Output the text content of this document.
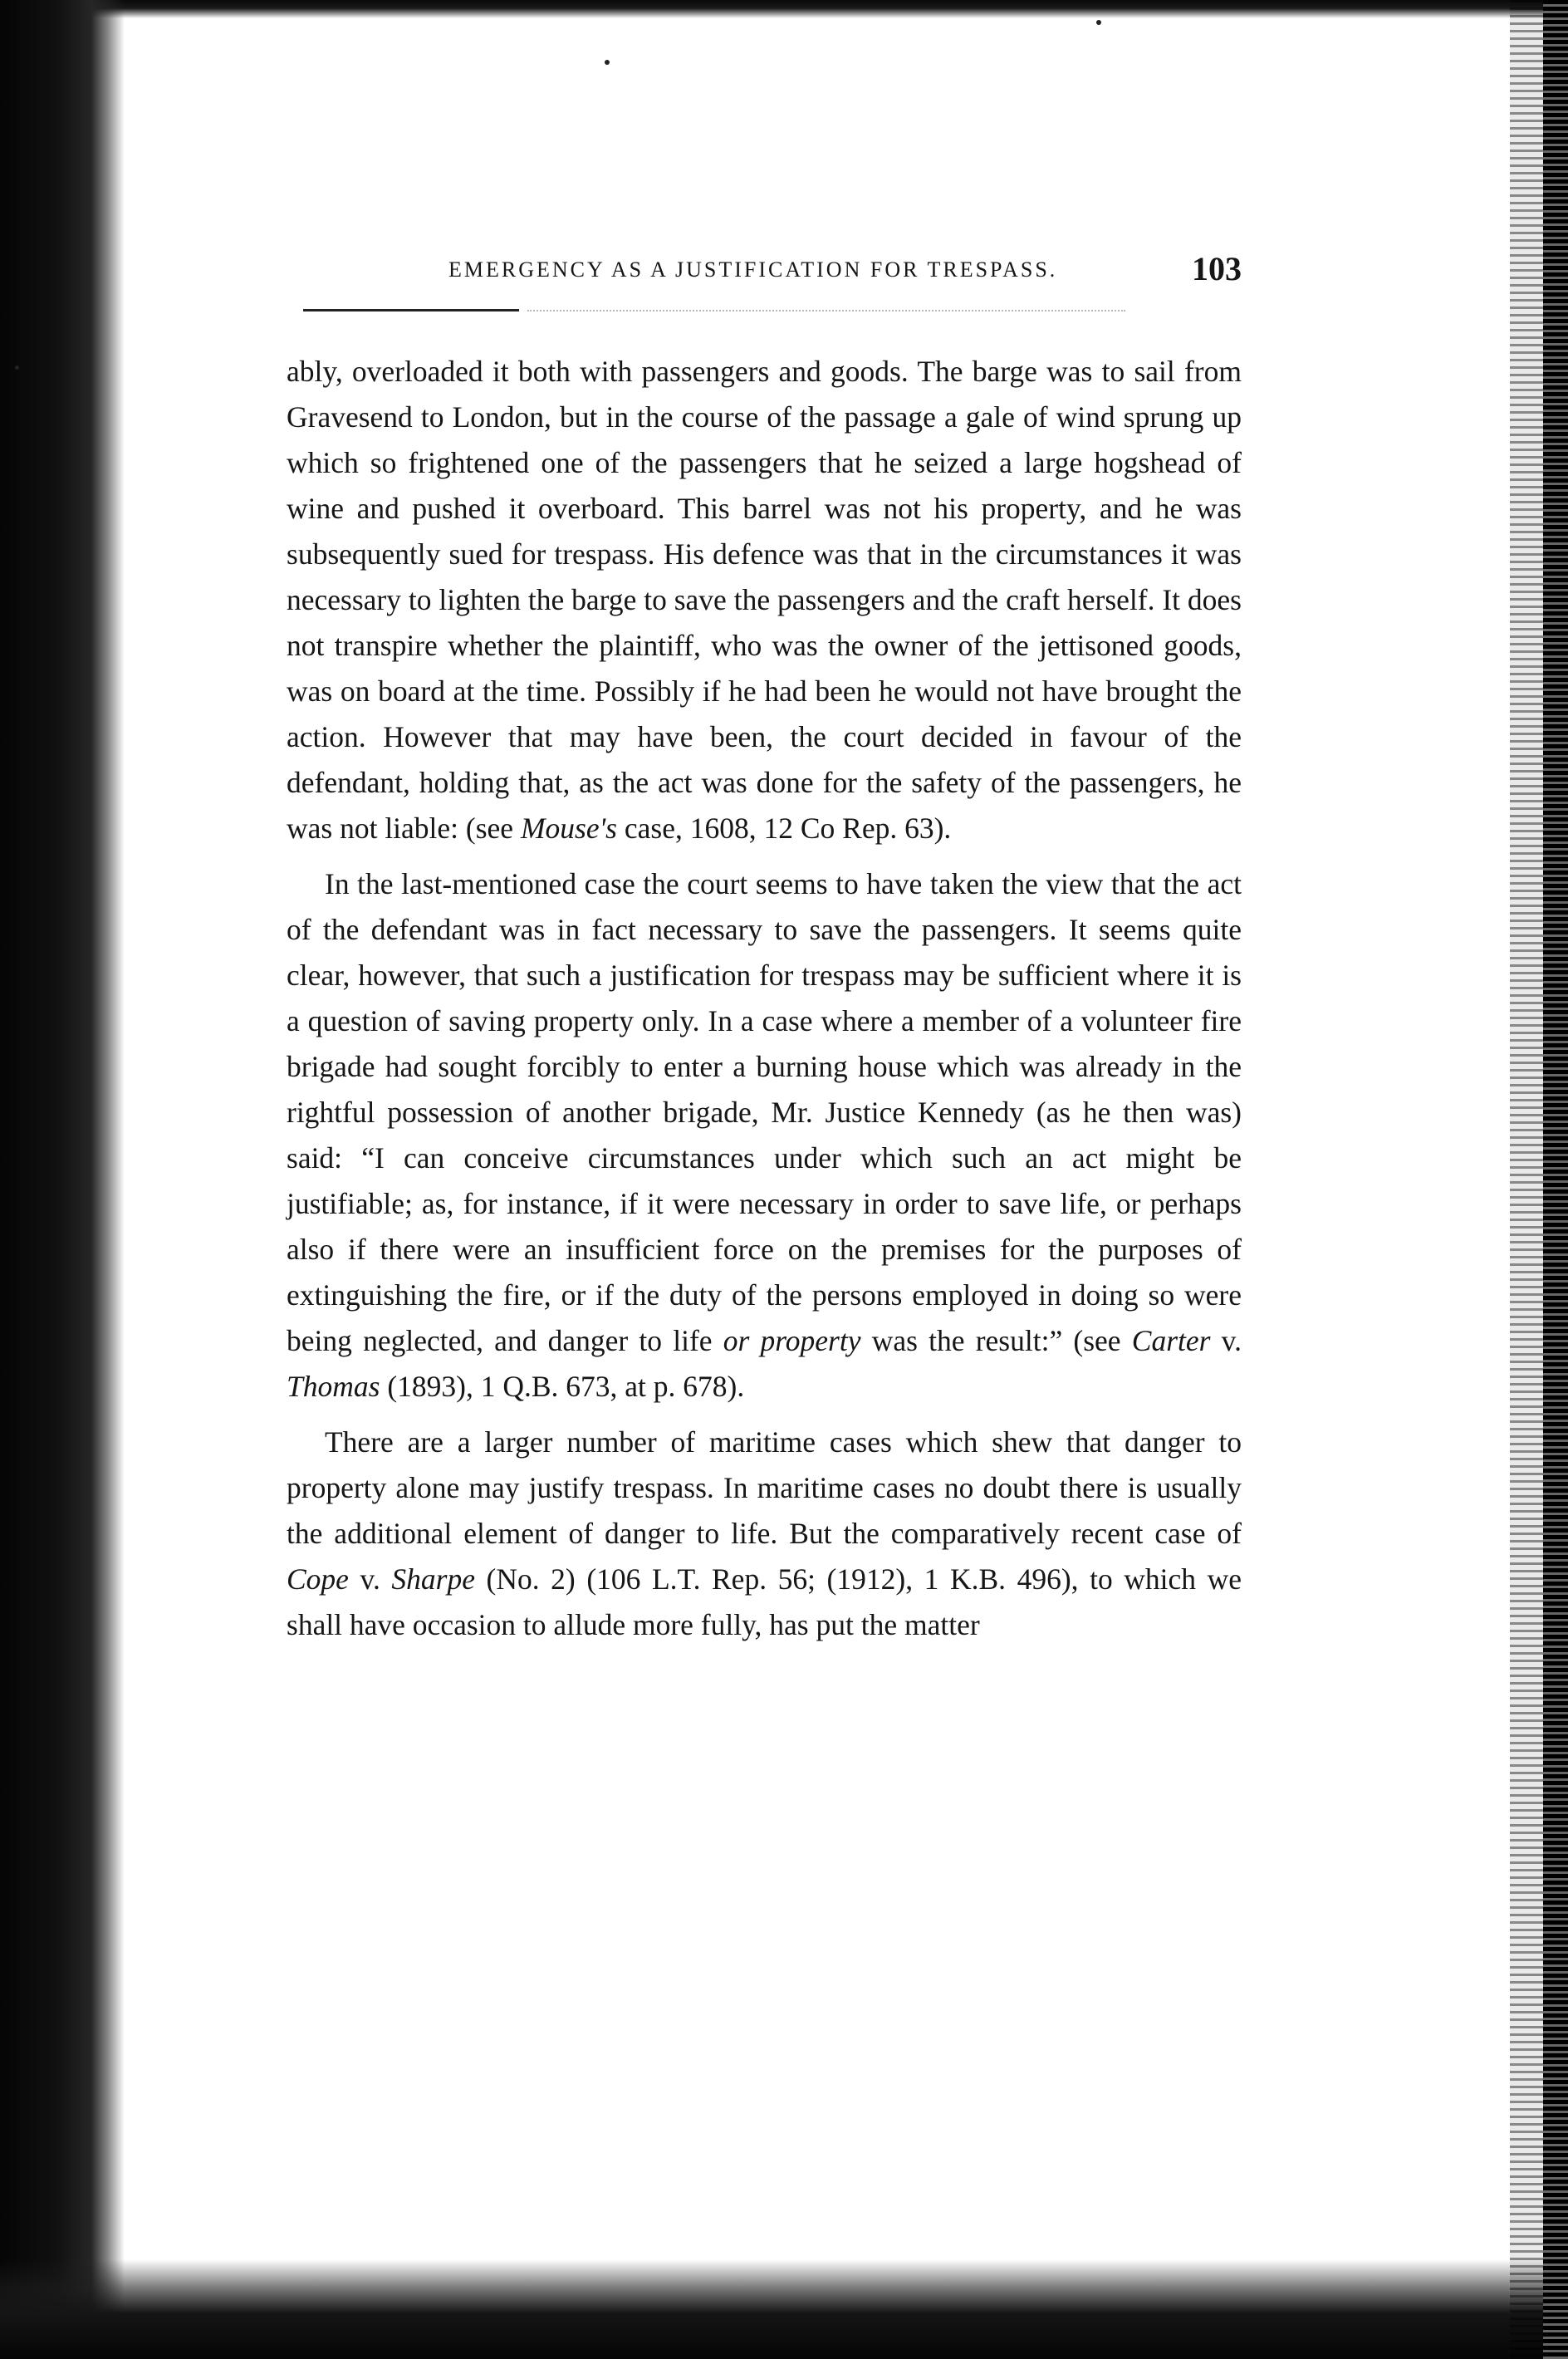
EMERGENCY AS A JUSTIFICATION FOR TRESPASS.	103

ably, overloaded it both with passengers and goods. The barge was to sail from Gravesend to London, but in the course of the passage a gale of wind sprung up which so frightened one of the passengers that he seized a large hogshead of wine and pushed it overboard. This barrel was not his property, and he was subsequently sued for trespass. His defence was that in the circumstances it was necessary to lighten the barge to save the passengers and the craft herself. It does not transpire whether the plaintiff, who was the owner of the jettisoned goods, was on board at the time. Possibly if he had been he would not have brought the action. However that may have been, the court decided in favour of the defendant, holding that, as the act was done for the safety of the passengers, he was not liable: (see Mouse's case, 1608, 12 Co Rep. 63).

In the last-mentioned case the court seems to have taken the view that the act of the defendant was in fact necessary to save the passengers. It seems quite clear, however, that such a justification for trespass may be sufficient where it is a question of saving property only. In a case where a member of a volunteer fire brigade had sought forcibly to enter a burning house which was already in the rightful possession of another brigade, Mr. Justice Kennedy (as he then was) said: “I can conceive circumstances under which such an act might be justifiable; as, for instance, if it were necessary in order to save life, or perhaps also if there were an insufficient force on the premises for the purposes of extinguishing the fire, or if the duty of the persons employed in doing so were being neglected, and danger to life or property was the result:” (see Carter v. Thomas (1893), 1 Q.B. 673, at p. 678).

There are a larger number of maritime cases which shew that danger to property alone may justify trespass. In maritime cases no doubt there is usually the additional element of danger to life. But the comparatively recent case of Cope v. Sharpe (No. 2) (106 L.T. Rep. 56; (1912), 1 K.B. 496), to which we shall have occasion to allude more fully, has put the matter
